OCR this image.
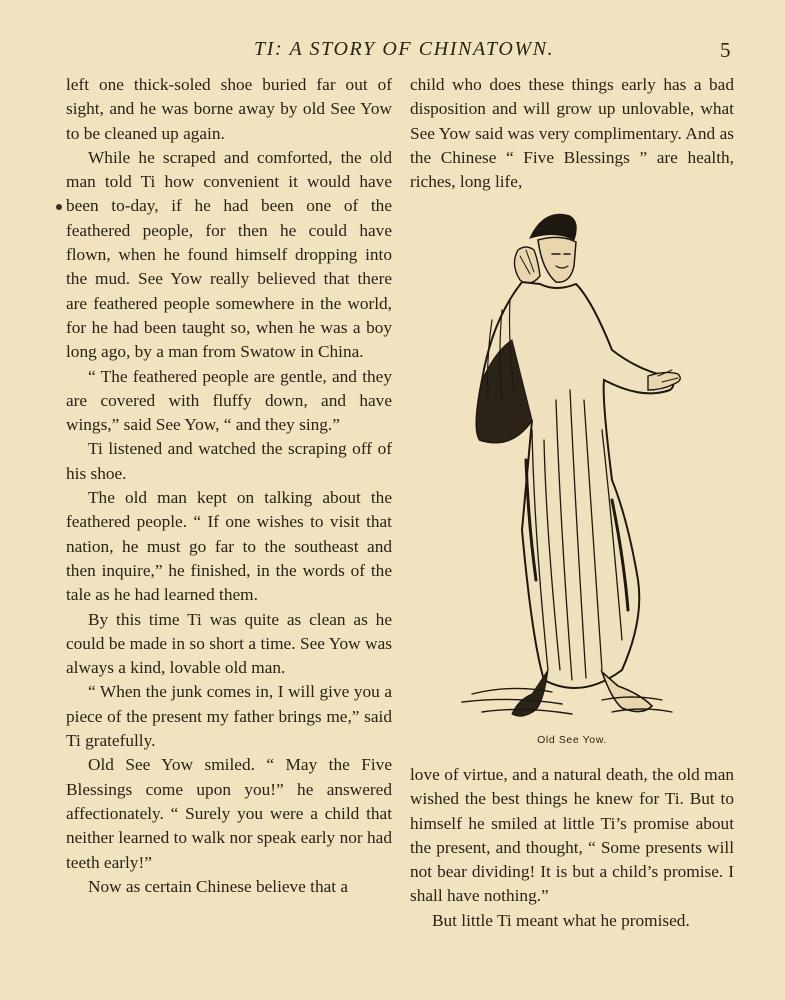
TI: A STORY OF CHINATOWN.	5

left one thick-soled shoe buried far out of sight, and he was borne away by old See Yow to be cleaned up again.

While he scraped and comforted, the old man told Ti how convenient it would have been to-day, if he had been one of the feathered people, for then he could have flown, when he found himself dropping into the mud. See Yow really believed that there are feathered people somewhere in the world, for he had been taught so, when he was a boy long ago, by a man from Swatow in China.

“ The feathered people are gentle, and they are covered with fluffy down, and have wings,” said See Yow, “ and they sing.”

Ti listened and watched the scraping off of his shoe.

The old man kept on talking about the feathered people. “ If one wishes to visit that nation, he must go far to the southeast and then inquire,” he finished, in the words of the tale as he had learned them.

By this time Ti was quite as clean as he could be made in so short a time. See Yow was always a kind, lovable old man.

“ When the junk comes in, I will give you a piece of the present my father brings me,” said Ti gratefully.

Old See Yow smiled. “ May the Five Blessings come upon you!” he answered affectionately. “ Surely you were a child that neither learned to walk nor speak early nor had teeth early!”

Now as certain Chinese believe that a

child who does these things early has a bad disposition and will grow up unlovable, what See Yow said was very complimentary. And as the Chinese “ Five Blessings ” are health, riches, long life,

Old See Yow.

love of virtue, and a natural death, the old man wished the best things he knew for Ti. But to himself he smiled at little Ti’s promise about the present, and thought, “ Some presents will not bear dividing! It is but a child’s promise. I shall have nothing.”

But little Ti meant what he promised.
